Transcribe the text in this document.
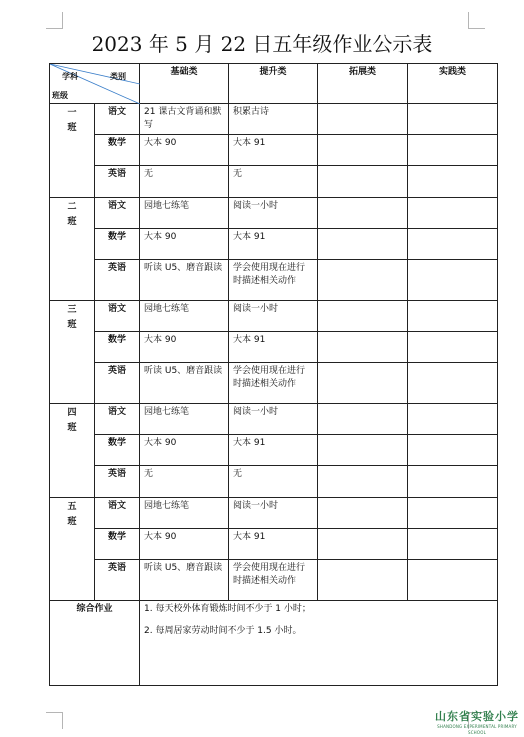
2023 年 5 月 22 日五年级作业公示表
学科 类别
班级		基础类	提升类	拓展类	实践类

一
班	语文	21 课古文背诵和默写	积累古诗		
	数学	大本 90	大本 91		
	英语	无	无		

二
班	语文	园地七练笔	阅读一小时		
	数学	大本 90	大本 91		
	英语	听读 U5、磨音跟读	学会使用现在进行时描述相关动作		

三
班	语文	园地七练笔	阅读一小时		
	数学	大本 90	大本 91		
	英语	听读 U5、磨音跟读	学会使用现在进行时描述相关动作		

四
班	语文	园地七练笔	阅读一小时		
	数学	大本 90	大本 91		
	英语	无	无		

五
班	语文	园地七练笔	阅读一小时		
	数学	大本 90	大本 91		
	英语	听读 U5、磨音跟读	学会使用现在进行时描述相关动作		
综合作业		1. 每天校外体育锻炼时间不少于 1 小时；

2. 每周居家劳动时间不少于 1.5 小时。			

山东省实验小学
SHANDONG EXPERIMENTAL PRIMARY SCHOOL
